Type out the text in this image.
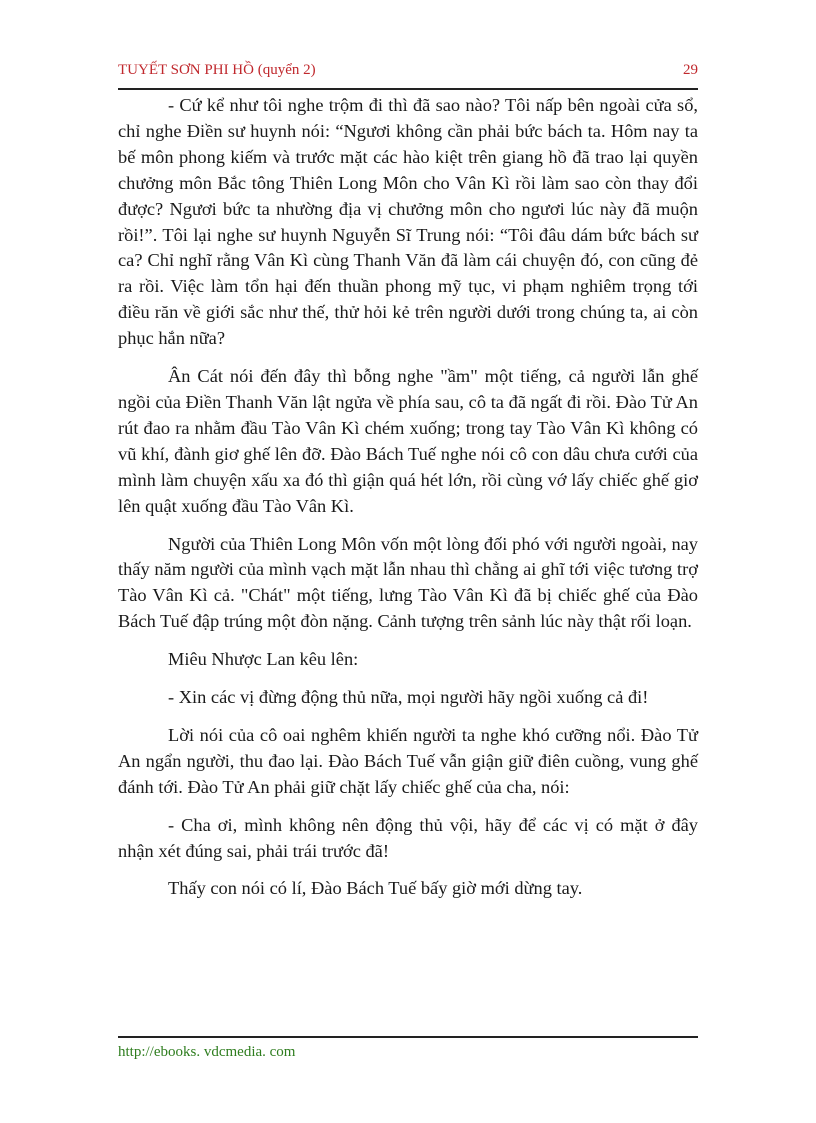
TUYẾT SƠN PHI HỒ (quyển 2)	29

- Cứ kể như tôi nghe trộm đi thì đã sao nào? Tôi nấp bên ngoài cửa sổ, chỉ nghe Điền sư huynh nói: “Ngươi không cần phải bức bách ta. Hôm nay ta bế môn phong kiếm và trước mặt các hào kiệt trên giang hồ đã trao lại quyền chưởng môn Bắc tông Thiên Long Môn cho Vân Kì rồi làm sao còn thay đổi được? Ngươi bức ta nhường địa vị chưởng môn cho ngươi lúc này đã muộn rồi!”. Tôi lại nghe sư huynh Nguyễn Sĩ Trung nói: “Tôi đâu dám bức bách sư ca? Chỉ nghĩ rằng Vân Kì cùng Thanh Văn đã làm cái chuyện đó, con cũng đẻ ra rồi. Việc làm tổn hại đến thuần phong mỹ tục, vi phạm nghiêm trọng tới điều răn về giới sắc như thế, thử hỏi kẻ trên người dưới trong chúng ta, ai còn phục hắn nữa?

Ân Cát nói đến đây thì bỗng nghe "ầm" một tiếng, cả người lẫn ghế ngồi của Điền Thanh Văn lật ngửa về phía sau, cô ta đã ngất đi rồi. Đào Tử An rút đao ra nhằm đầu Tào Vân Kì chém xuống; trong tay Tào Vân Kì không có vũ khí, đành giơ ghế lên đỡ. Đào Bách Tuế nghe nói cô con dâu chưa cưới của mình làm chuyện xấu xa đó thì giận quá hét lớn, rồi cùng vớ lấy chiếc ghế giơ lên quật xuống đầu Tào Vân Kì.

Người của Thiên Long Môn vốn một lòng đối phó với người ngoài, nay thấy năm người của mình vạch mặt lẫn nhau thì chẳng ai ghĩ tới việc tương trợ Tào Vân Kì cả. "Chát" một tiếng, lưng Tào Vân Kì đã bị chiếc ghế của Đào Bách Tuế đập trúng một đòn nặng. Cảnh tượng trên sảnh lúc này thật rối loạn.

Miêu Nhược Lan kêu lên:

- Xin các vị đừng động thủ nữa, mọi người hãy ngồi xuống cả đi!

Lời nói của cô oai nghêm khiến người ta nghe khó cưỡng nổi. Đào Tử An ngẩn người, thu đao lại. Đào Bách Tuế vẫn giận giữ điên cuồng, vung ghế đánh tới. Đào Tử An phải giữ chặt lấy chiếc ghế của cha, nói:

- Cha ơi, mình không nên động thủ vội, hãy để các vị có mặt ở đây nhận xét đúng sai, phải trái trước đã!

Thấy con nói có lí, Đào Bách Tuế bấy giờ mới dừng tay.

http://ebooks. vdcmedia. com
